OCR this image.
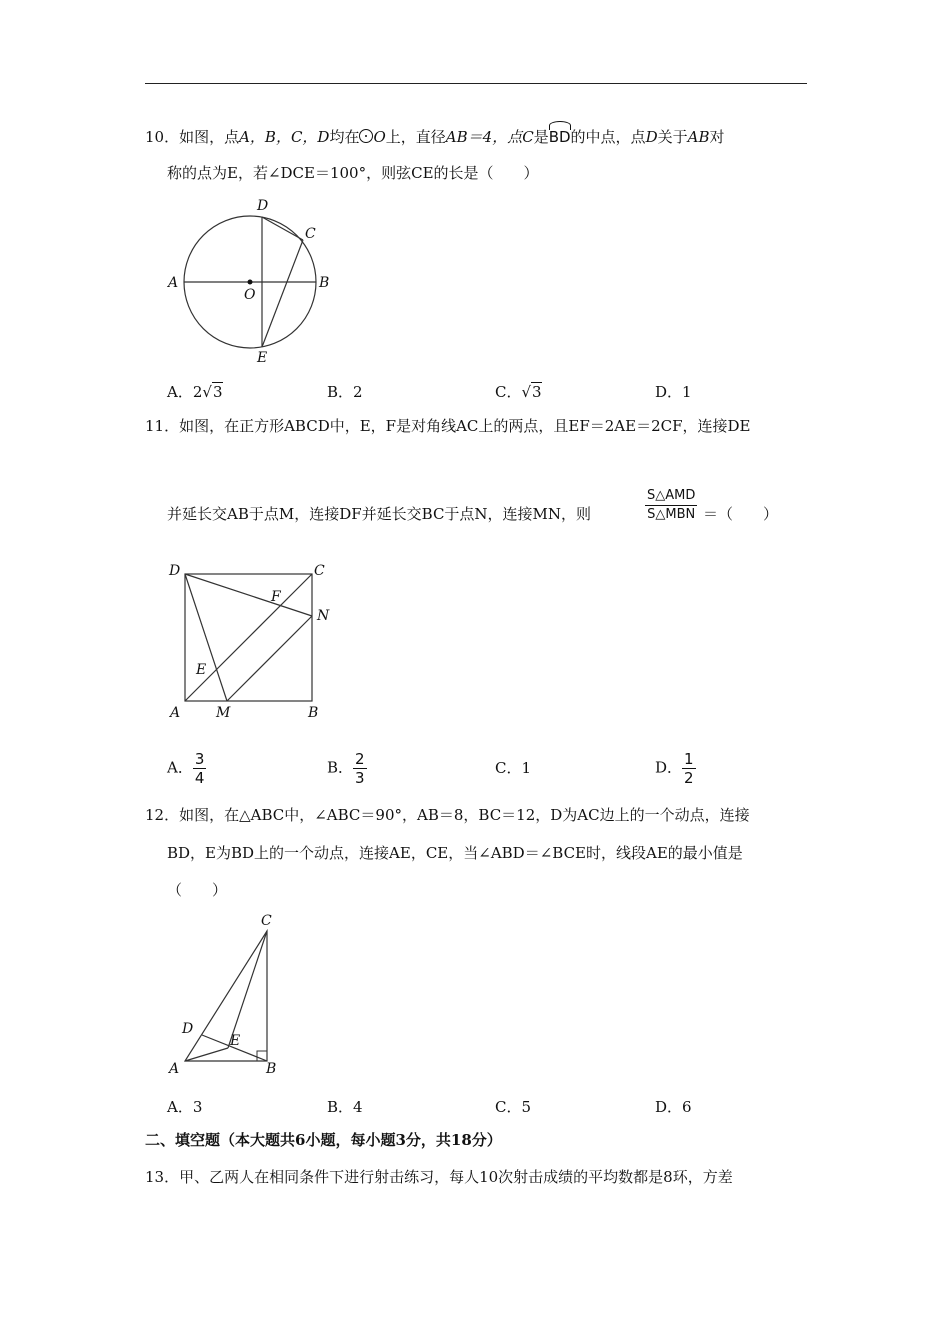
10．如图，点A，B，C，D均在 O上，直径AB＝4，点C是BD的中点，点D关于AB对
称的点为E，若∠DCE＝100°，则弦CE的长是（　　）
A	B
C
D
E
O
A．2√3	B．2	C．√3	D．1
11．如图，在正方形ABCD中，E，F是对角线AC上的两点，且EF＝2AE＝2CF，连接DE
并延长交AB于点M，连接DF并延长交BC于点N，连接MN，则	$\frac{\text{S△AMD}}{\text{S△MBN}}$ ＝（　　）
D	C
A	B
M
N
F
E
A． $\frac{3}{4}$	B． $\frac{2}{3}$	C．1	D． $\frac{1}{2}$
12．如图，在△ABC中，∠ABC＝90°，AB＝8，BC＝12，D为AC边上的一个动点，连接
BD，E为BD上的一个动点，连接AE，CE，当∠ABD＝∠BCE时，线段AE的最小值是
（　　）
C
D
E
A	B
A．3	B．4	C．5	D．6
二、填空题（本大题共6小题，每小题3分，共18分）
13．甲、乙两人在相同条件下进行射击练习，每人10次射击成绩的平均数都是8环，方差
